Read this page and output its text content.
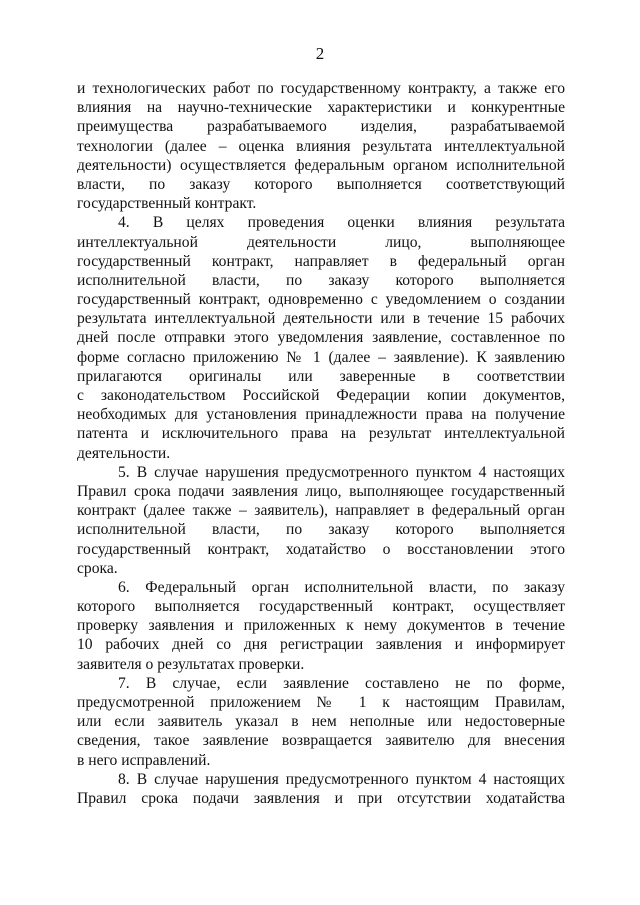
2
и технологических работ по государственному контракту, а также его
влияния на научно-технические характеристики и конкурентные
преимущества разрабатываемого изделия, разрабатываемой
технологии (далее – оценка влияния результата интеллектуальной
деятельности) осуществляется федеральным органом исполнительной
власти, по заказу которого выполняется соответствующий
государственный контракт.
4. В целях проведения оценки влияния результата
интеллектуальной деятельности лицо, выполняющее
государственный контракт, направляет в федеральный орган
исполнительной власти, по заказу которого выполняется
государственный контракт, одновременно с уведомлением о создании
результата интеллектуальной деятельности или в течение 15 рабочих
дней после отправки этого уведомления заявление, составленное по
форме согласно приложению № 1 (далее – заявление). К заявлению
прилагаются оригиналы или заверенные в соответствии
с законодательством Российской Федерации копии документов,
необходимых для установления принадлежности права на получение
патента и исключительного права на результат интеллектуальной
деятельности.
5. В случае нарушения предусмотренного пунктом 4 настоящих
Правил срока подачи заявления лицо, выполняющее государственный
контракт (далее также – заявитель), направляет в федеральный орган
исполнительной власти, по заказу которого выполняется
государственный контракт, ходатайство о восстановлении этого
срока.
6. Федеральный орган исполнительной власти, по заказу
которого выполняется государственный контракт, осуществляет
проверку заявления и приложенных к нему документов в течение
10 рабочих дней со дня регистрации заявления и информирует
заявителя о результатах проверки.
7. В случае, если заявление составлено не по форме,
предусмотренной приложением № 1 к настоящим Правилам,
или если заявитель указал в нем неполные или недостоверные
сведения, такое заявление возвращается заявителю для внесения
в него исправлений.
8. В случае нарушения предусмотренного пунктом 4 настоящих
Правил срока подачи заявления и при отсутствии ходатайства
